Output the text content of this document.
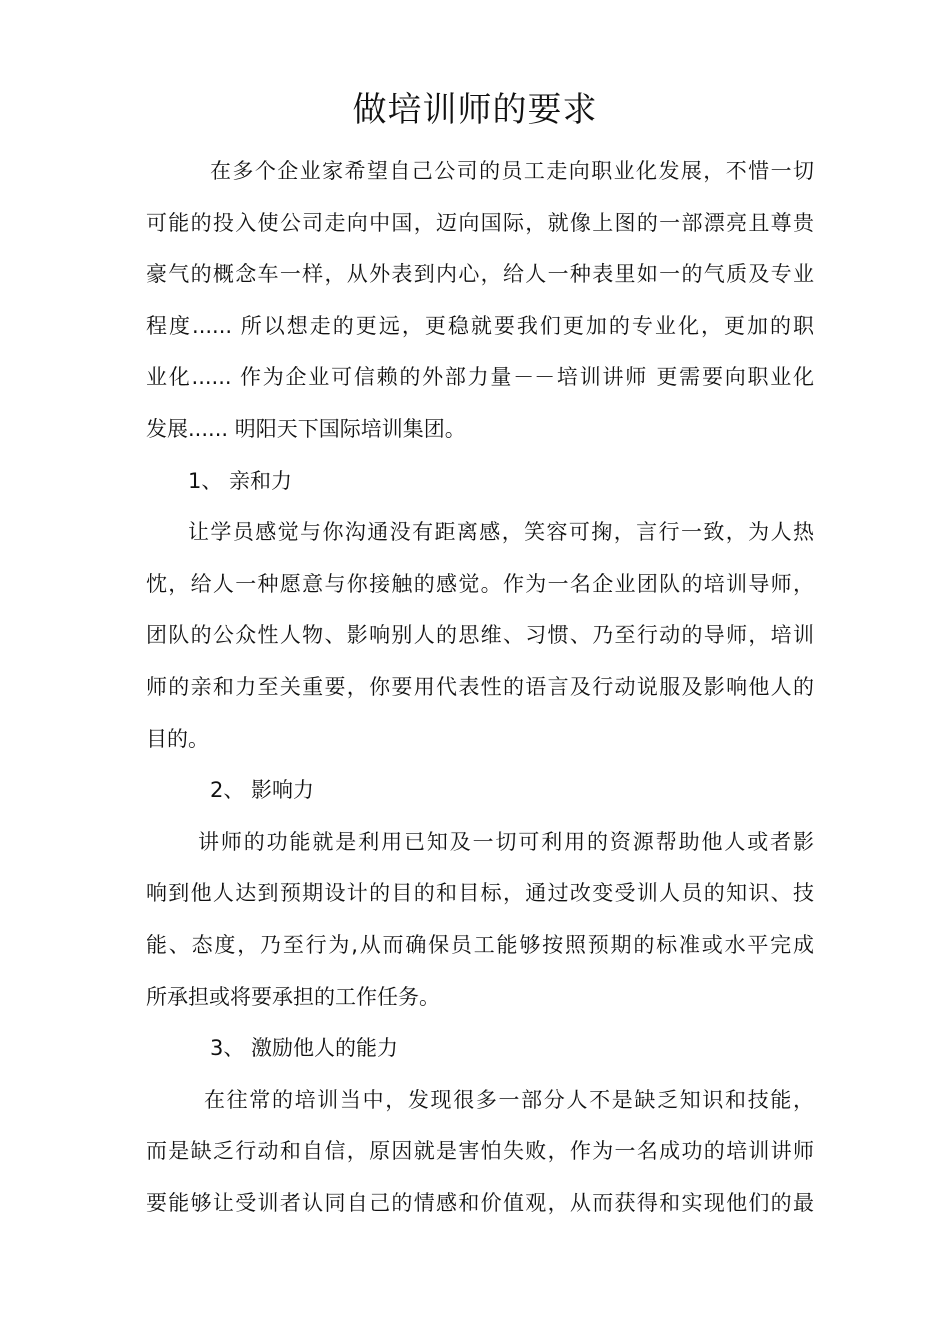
做培训师的要求
在多个企业家希望自己公司的员工走向职业化发展，不惜一切
可能的投入使公司走向中国，迈向国际，就像上图的一部漂亮且尊贵
豪气的概念车一样，从外表到内心，给人一种表里如一的气质及专业
程度...... 所以想走的更远，更稳就要我们更加的专业化，更加的职
业化...... 作为企业可信赖的外部力量－－培训讲师 更需要向职业化
发展...... 明阳天下国际培训集团。
1、 亲和力
让学员感觉与你沟通没有距离感，笑容可掬，言行一致，为人热
忱，给人一种愿意与你接触的感觉。作为一名企业团队的培训导师，
团队的公众性人物、影响别人的思维、习惯、乃至行动的导师，培训
师的亲和力至关重要，你要用代表性的语言及行动说服及影响他人的
目的。
2、 影响力
讲师的功能就是利用已知及一切可利用的资源帮助他人或者影
响到他人达到预期设计的目的和目标，通过改变受训人员的知识、技
能、态度，乃至行为,从而确保员工能够按照预期的标准或水平完成
所承担或将要承担的工作任务。
3、 激励他人的能力
在往常的培训当中，发现很多一部分人不是缺乏知识和技能，
而是缺乏行动和自信，原因就是害怕失败，作为一名成功的培训讲师
要能够让受训者认同自己的情感和价值观，从而获得和实现他们的最
